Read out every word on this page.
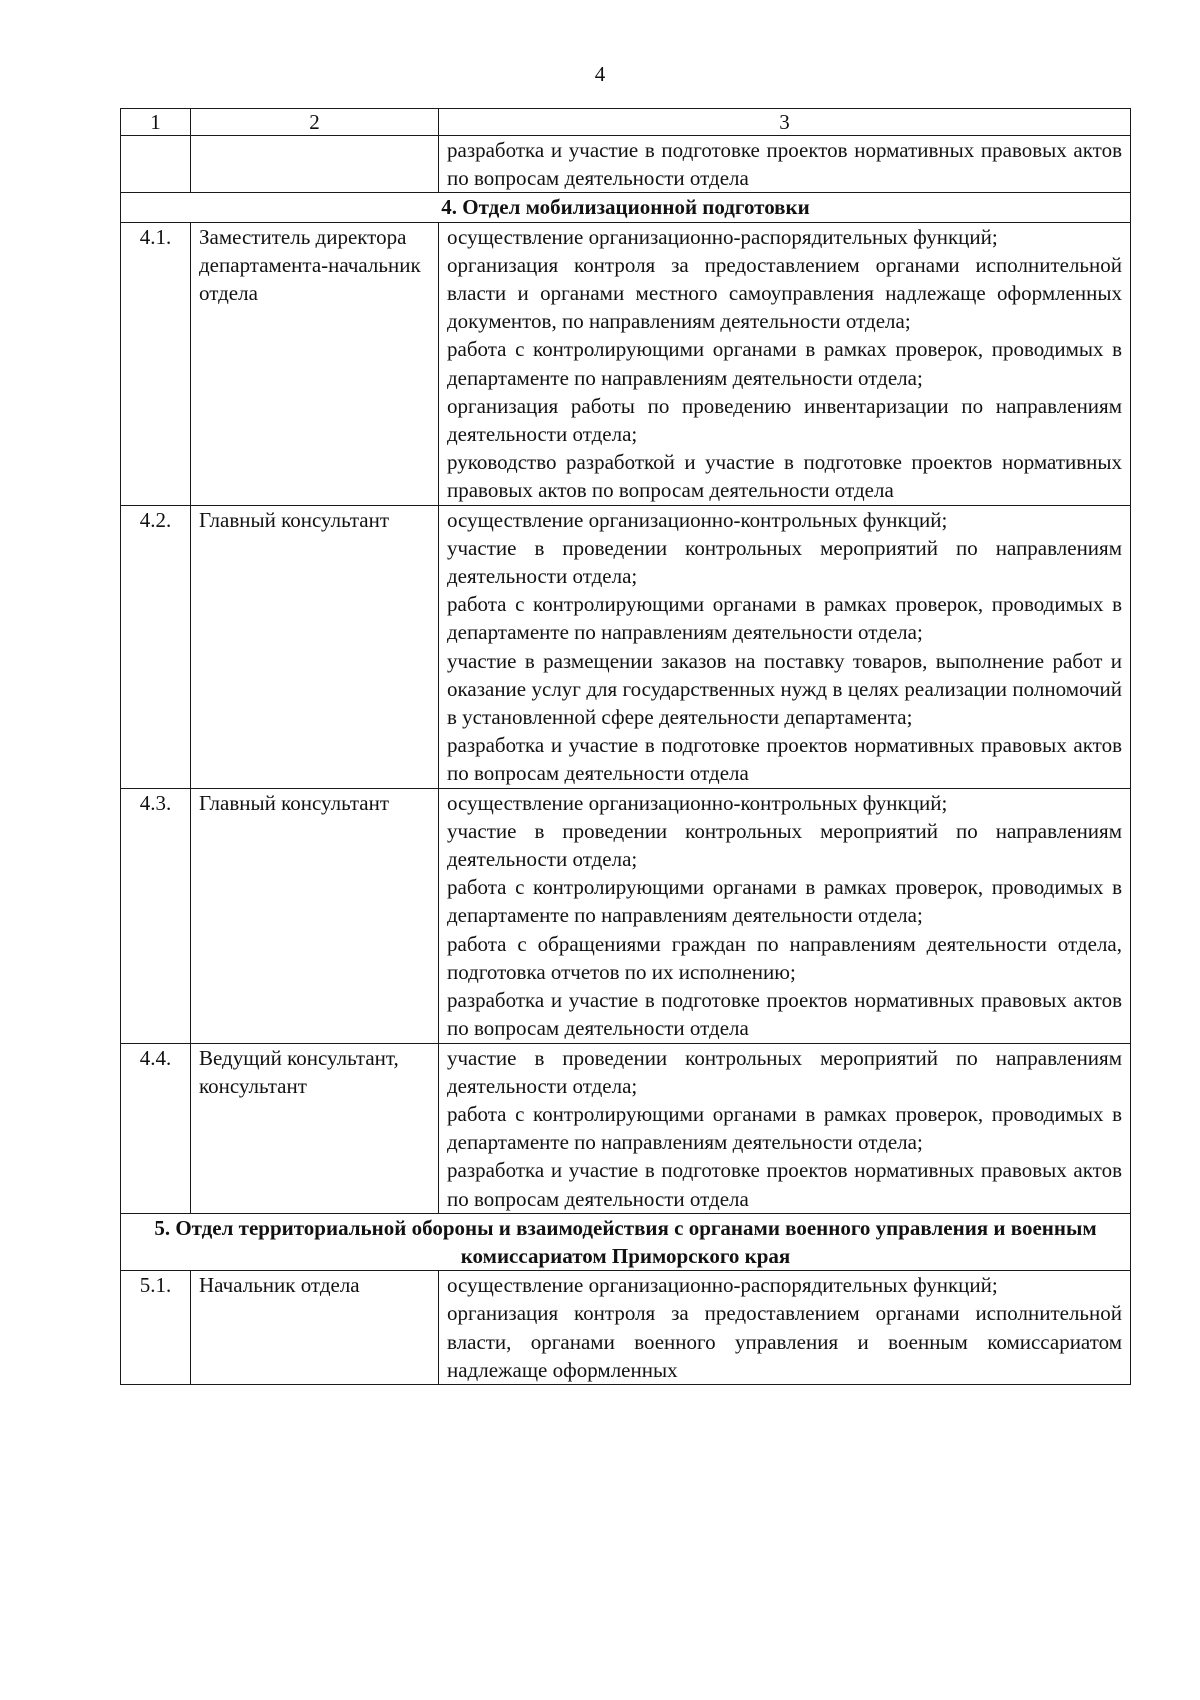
4
1	2	3

		разработка и участие в подготовке проектов нормативных правовых актов по вопросам деятельности отдела

4. Отдел мобилизационной подготовки		
4.1.	Заместитель директора департамента-начальник отдела	осуществление организационно-распорядительных функций;
организация контроля за предоставлением органами исполнительной власти и органами местного самоуправления надлежаще оформленных документов, по направлениям деятельности отдела;
работа с контролирующими органами в рамках проверок, проводимых в департаменте по направлениям деятельности отдела;
организация работы по проведению инвентаризации по направлениям деятельности отдела;
руководство разработкой и участие в подготовке проектов нормативных правовых актов по вопросам деятельности отдела

4.2.	Главный консультант	осуществление организационно-контрольных функций;
участие в проведении контрольных мероприятий по направлениям деятельности отдела;
работа с контролирующими органами в рамках проверок, проводимых в департаменте по направлениям деятельности отдела;
участие в размещении заказов на поставку товаров, выполнение работ и оказание услуг для государственных нужд в целях реализации полномочий в установленной сфере деятельности департамента;
разработка и участие в подготовке проектов нормативных правовых актов по вопросам деятельности отдела

4.3.	Главный консультант	осуществление организационно-контрольных функций;
участие в проведении контрольных мероприятий по направлениям деятельности отдела;
работа с контролирующими органами в рамках проверок, проводимых в департаменте по направлениям деятельности отдела;
работа с обращениями граждан по направлениям деятельности отдела, подготовка отчетов по их исполнению;
разработка и участие в подготовке проектов нормативных правовых актов по вопросам деятельности отдела

4.4.	Ведущий консультант, консультант	участие в проведении контрольных мероприятий по направлениям деятельности отдела;
работа с контролирующими органами в рамках проверок, проводимых в департаменте по направлениям деятельности отдела;
разработка и участие в подготовке проектов нормативных правовых актов по вопросам деятельности отдела

5. Отдел территориальной обороны и взаимодействия с органами военного управления и военным комиссариатом Приморского края		
5.1.	Начальник отдела	осуществление организационно-распорядительных функций;
организация контроля за предоставлением органами исполнительной власти, органами военного управления и военным комиссариатом надлежаще оформленных
